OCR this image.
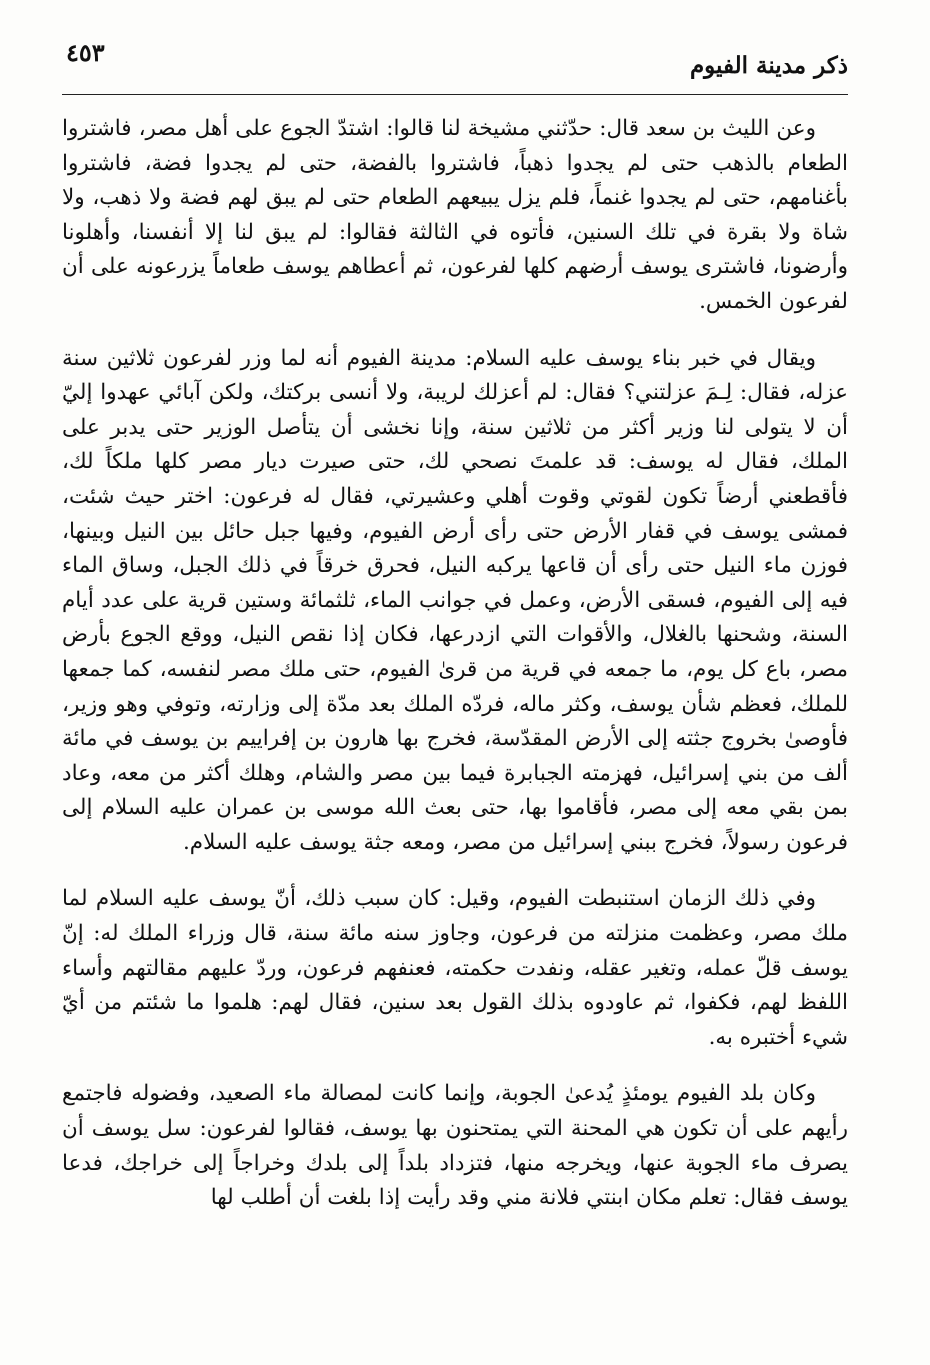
ذكر مدينة الفيوم
٤٥٣

وعن الليث بن سعد قال: حدّثني مشيخة لنا قالوا: اشتدّ الجوع على أهل مصر، فاشتروا الطعام بالذهب حتى لم يجدوا ذهباً، فاشتروا بالفضة، حتى لم يجدوا فضة، فاشتروا بأغنامهم، حتى لم يجدوا غنماً، فلم يزل يبيعهم الطعام حتى لم يبق لهم فضة ولا ذهب، ولا شاة ولا بقرة في تلك السنين، فأتوه في الثالثة فقالوا: لم يبق لنا إلا أنفسنا، وأهلونا وأرضونا، فاشترى يوسف أرضهم كلها لفرعون، ثم أعطاهم يوسف طعاماً يزرعونه على أن لفرعون الخمس.

ويقال في خبر بناء يوسف عليه السلام: مدينة الفيوم أنه لما وزر لفرعون ثلاثين سنة عزله، فقال: لِـمَ عزلتني؟ فقال: لم أعزلك لريبة، ولا أنسى بركتك، ولكن آبائي عهدوا إليّ أن لا يتولى لنا وزير أكثر من ثلاثين سنة، وإنا نخشى أن يتأصل الوزير حتى يدبر على الملك، فقال له يوسف: قد علمتَ نصحي لك، حتى صيرت ديار مصر كلها ملكاً لك، فأقطعني أرضاً تكون لقوتي وقوت أهلي وعشيرتي، فقال له فرعون: اختر حيث شئت، فمشى يوسف في قفار الأرض حتى رأى أرض الفيوم، وفيها جبل حائل بين النيل وبينها، فوزن ماء النيل حتى رأى أن قاعها يركبه النيل، فحرق خرقاً في ذلك الجبل، وساق الماء فيه إلى الفيوم، فسقى الأرض، وعمل في جوانب الماء، ثلثمائة وستين قرية على عدد أيام السنة، وشحنها بالغلال، والأقوات التي ازدرعها، فكان إذا نقص النيل، ووقع الجوع بأرض مصر، باع كل يوم، ما جمعه في قرية من قرىٰ الفيوم، حتى ملك مصر لنفسه، كما جمعها للملك، فعظم شأن يوسف، وكثر ماله، فردّه الملك بعد مدّة إلى وزارته، وتوفي وهو وزير، فأوصىٰ بخروج جثته إلى الأرض المقدّسة، فخرج بها هارون بن إفراييم بن يوسف في مائة ألف من بني إسرائيل، فهزمته الجبابرة فيما بين مصر والشام، وهلك أكثر من معه، وعاد بمن بقي معه إلى مصر، فأقاموا بها، حتى بعث الله موسى بن عمران عليه السلام إلى فرعون رسولاً، فخرج ببني إسرائيل من مصر، ومعه جثة يوسف عليه السلام.

وفي ذلك الزمان استنبطت الفيوم، وقيل: كان سبب ذلك، أنّ يوسف عليه السلام لما ملك مصر، وعظمت منزلته من فرعون، وجاوز سنه مائة سنة، قال وزراء الملك له: إنّ يوسف قلّ عمله، وتغير عقله، ونفدت حكمته، فعنفهم فرعون، وردّ عليهم مقالتهم وأساء اللفظ لهم، فكفوا، ثم عاودوه بذلك القول بعد سنين، فقال لهم: هلموا ما شئتم من أيّ شيء أختبره به.

وكان بلد الفيوم يومئذٍ يُدعىٰ الجوبة، وإنما كانت لمصالة ماء الصعيد، وفضوله فاجتمع رأيهم على أن تكون هي المحنة التي يمتحنون بها يوسف، فقالوا لفرعون: سل يوسف أن يصرف ماء الجوبة عنها، ويخرجه منها، فتزداد بلداً إلى بلدك وخراجاً إلى خراجك، فدعا يوسف فقال: تعلم مكان ابنتي فلانة مني وقد رأيت إذا بلغت أن أطلب لها
